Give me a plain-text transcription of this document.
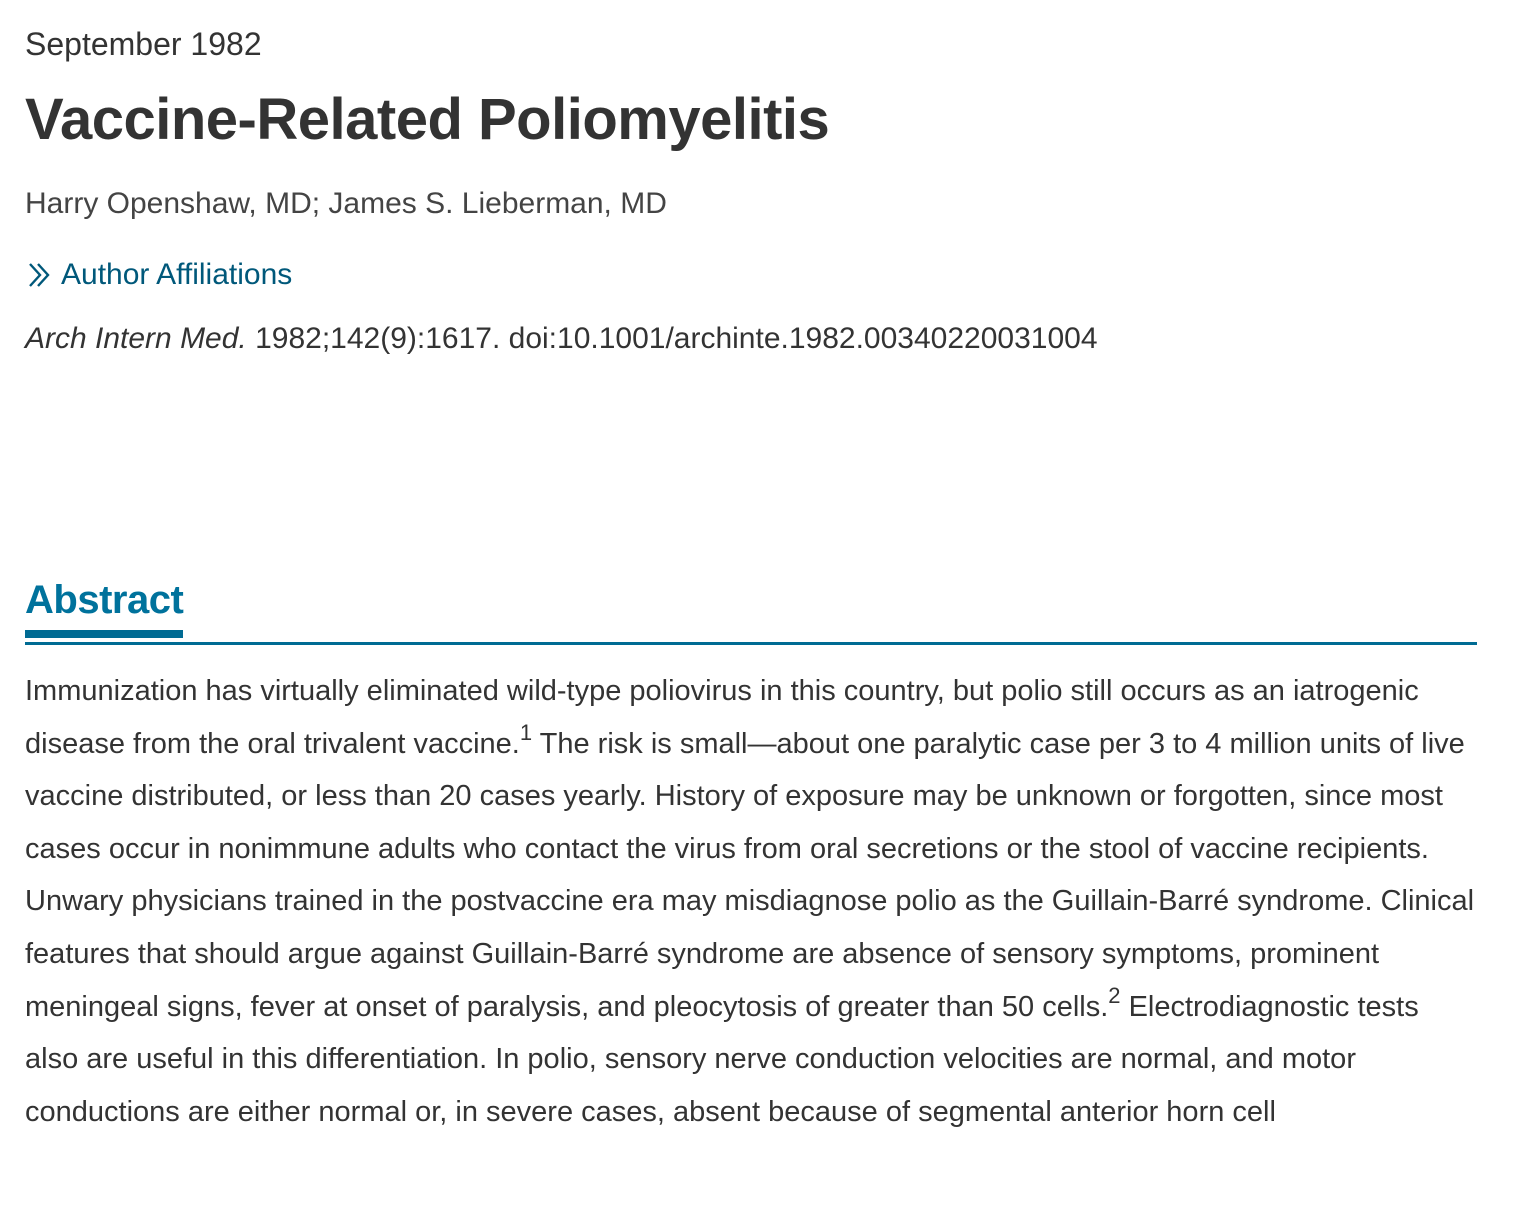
September 1982
Vaccine-Related Poliomyelitis
Harry Openshaw, MD; James S. Lieberman, MD
Author Affiliations
Arch Intern Med. 1982;142(9):1617. doi:10.1001/archinte.1982.00340220031004
Abstract

Immunization has virtually eliminated wild-type poliovirus in this country, but polio still occurs as an iatrogenic disease from the oral trivalent vaccine.$^1$ The risk is small—about one paralytic case per 3 to 4 million units of live vaccine distributed, or less than 20 cases yearly. History of exposure may be unknown or forgotten, since most cases occur in nonimmune adults who contact the virus from oral secretions or the stool of vaccine recipients. Unwary physicians trained in the postvaccine era may misdiagnose polio as the Guillain-Barré syndrome. Clinical features that should argue against Guillain-Barré syndrome are absence of sensory symptoms, prominent meningeal signs, fever at onset of paralysis, and pleocytosis of greater than 50 cells.$^2$ Electrodiagnostic tests also are useful in this differentiation. In polio, sensory nerve conduction velocities are normal, and motor conductions are either normal or, in severe cases, absent because of segmental anterior horn cell
